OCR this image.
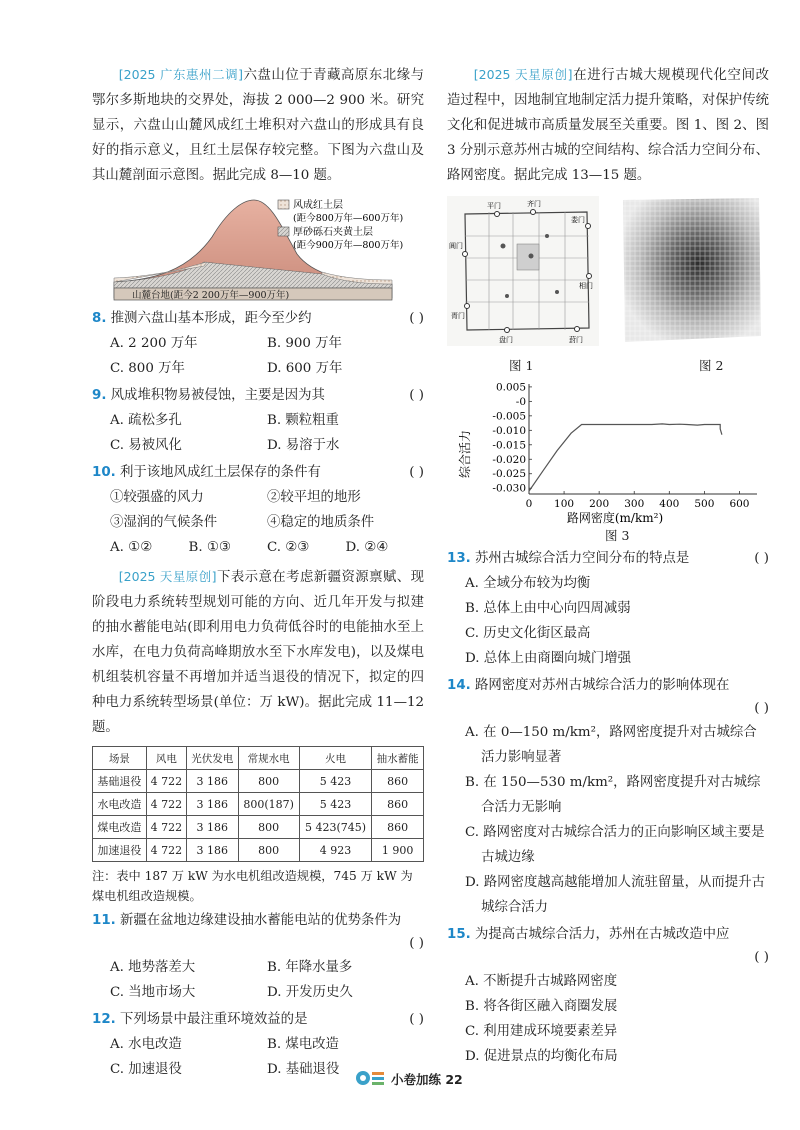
[2025 广东惠州二调]六盘山位于青藏高原东北缘与鄂尔多斯地块的交界处，海拔 2 000—2 900 米。研究显示，六盘山山麓风成红土堆积对六盘山的形成具有良好的指示意义，且红土层保存较完整。下图为六盘山及其山麓剖面示意图。据此完成 8—10 题。

山麓台地(距今2 200万年—900万年)
风成红土层
(距今800万年—600万年)
厚砂砾石夹黄土层
(距今900万年—800万年)
8. 推测六盘山基本形成，距今至少约	( )
A. 2 200 万年	B. 900 万年
C. 800 万年	D. 600 万年
9. 风成堆积物易被侵蚀，主要是因为其	( )
A. 疏松多孔	B. 颗粒粗重
C. 易被风化	D. 易溶于水
10. 利于该地风成红土层保存的条件有	( )
①较强盛的风力	②较平坦的地形
③湿润的气候条件	④稳定的地质条件
A. ①②	B. ①③	C. ②③	D. ②④

[2025 天星原创]下表示意在考虑新疆资源禀赋、现阶段电力系统转型规划可能的方向、近几年开发与拟建的抽水蓄能电站(即利用电力负荷低谷时的电能抽水至上水库，在电力负荷高峰期放水至下水库发电)，以及煤电机组装机容量不再增加并适当退役的情况下，拟定的四种电力系统转型场景(单位：万 kW)。据此完成 11—12 题。

场景	风电	光伏发电	常规水电	火电	抽水蓄能
基础退役	4 722	3 186	800	5 423	860
水电改造	4 722	3 186	800(187)	5 423	860
煤电改造	4 722	3 186	800	5 423(745)	860
加速退役	4 722	3 186	800	4 923	1 900

注：表中 187 万 kW 为水电机组改造规模，745 万 kW 为煤电机组改造规模。

11. 新疆在盆地边缘建设抽水蓄能电站的优势条件为
( )
A. 地势落差大	B. 年降水量多
C. 当地市场大	D. 开发历史久
12. 下列场景中最注重环境效益的是	( )
A. 水电改造	B. 煤电改造
C. 加速退役	D. 基础退役

[2025 天星原创]在进行古城大规模现代化空间改造过程中，因地制宜地制定活力提升策略，对保护传统文化和促进城市高质量发展至关重要。图 1、图 2、图 3 分别示意苏州古城的空间结构、综合活力空间分布、路网密度。据此完成 13—15 题。

平门	齐门
娄门
阊门
胥门
盘门	葑门
相门
图 1	图 2
综合活力
路网密度(m/km²)
0.005
-0
-0.005
-0.010
-0.015
-0.020
-0.025
-0.030
0 100 200 300 400 500 600
图 3
13. 苏州古城综合活力空间分布的特点是	( )
A. 全域分布较为均衡
B. 总体上由中心向四周减弱
C. 历史文化街区最高
D. 总体上由商圈向城门增强
14. 路网密度对苏州古城综合活力的影响体现在
( )
A. 在 0—150 m/km²，路网密度提升对古城综合活力影响显著
B. 在 150—530 m/km²，路网密度提升对古城综合活力无影响
C. 路网密度对古城综合活力的正向影响区域主要是古城边缘
D. 路网密度越高越能增加人流驻留量，从而提升古城综合活力
15. 为提高古城综合活力，苏州在古城改造中应
( )
A. 不断提升古城路网密度
B. 将各街区融入商圈发展
C. 利用建成环境要素差异
D. 促进景点的均衡化布局
小卷加练 22
